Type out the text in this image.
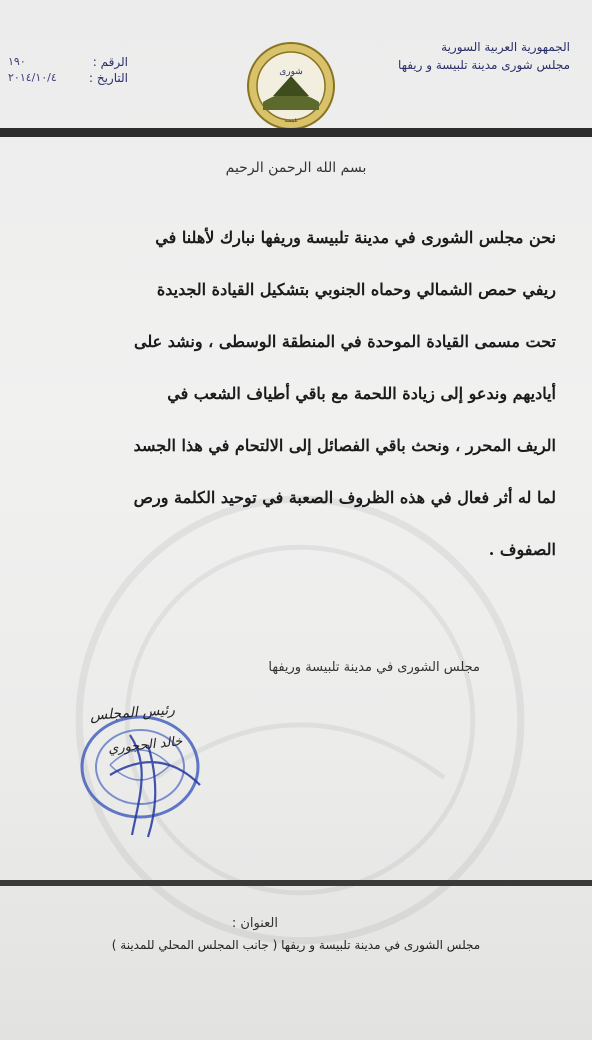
الجمهورية العربية السورية
مجلس شورى مدينة تلبيسة و ريفها
الرقم :
١٩٠
التاريخ :
٢٠١٤/١٠/٤	شورى
تلبيسة
بسم الله الرحمن الرحيم
نحن مجلس الشورى في مدينة تلبيسة وريفها نبارك لأهلنا في
ريفي حمص الشمالي وحماه الجنوبي بتشكيل القيادة الجديدة
تحت مسمى القيادة الموحدة في المنطقة الوسطى ، ونشد على
أياديهم وندعو إلى زيادة اللحمة مع باقي أطياف الشعب في
الريف المحرر ، ونحث باقي الفصائل إلى الالتحام في هذا الجسد
لما له أثر فعال في هذه الظروف الصعبة في توحيد الكلمة ورص
الصفوف .
مجلس الشورى في مدينة تلبيسة وريفها
رئيس المجلس
خالد الحجوري
العنوان :
مجلس الشورى في مدينة تلبيسة و ريفها ( جانب المجلس المحلي للمدينة )
